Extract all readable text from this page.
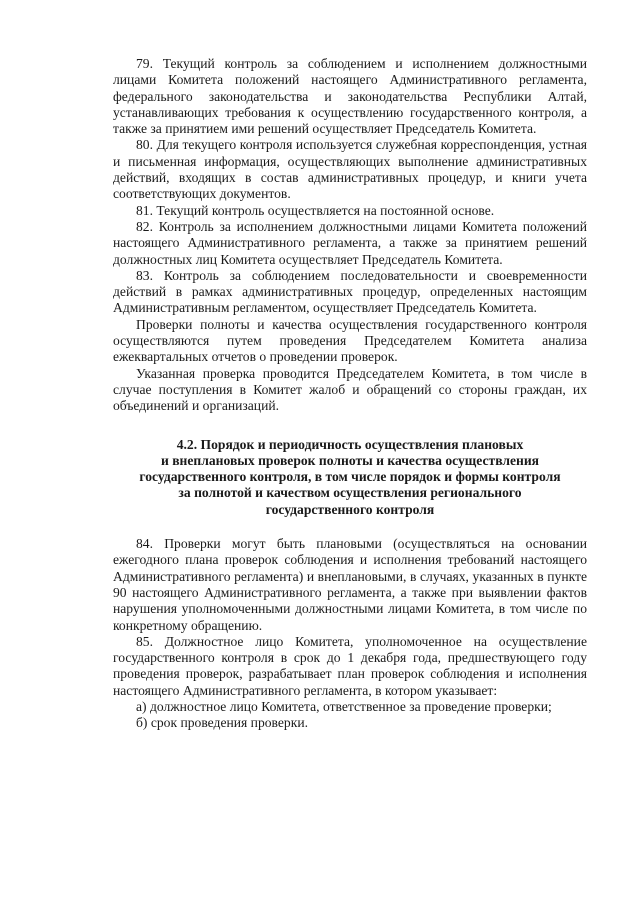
79. Текущий контроль за соблюдением и исполнением должностными лицами Комитета положений настоящего Административного регламента, федерального законодательства и законодательства Республики Алтай, устанавливающих требования к осуществлению государственного контроля, а также за принятием ими решений осуществляет Председатель Комитета.

80. Для текущего контроля используется служебная корреспонденция, устная и письменная информация, осуществляющих выполнение административных действий, входящих в состав административных процедур, и книги учета соответствующих документов.

81. Текущий контроль осуществляется на постоянной основе.

82. Контроль за исполнением должностными лицами Комитета положений настоящего Административного регламента, а также за принятием решений должностных лиц Комитета осуществляет Председатель Комитета.

83. Контроль за соблюдением последовательности и своевременности действий в рамках административных процедур, определенных настоящим Административным регламентом, осуществляет Председатель Комитета.

Проверки полноты и качества осуществления государственного контроля осуществляются путем проведения Председателем Комитета анализа ежеквартальных отчетов о проведении проверок.

Указанная проверка проводится Председателем Комитета, в том числе в случае поступления в Комитет жалоб и обращений со стороны граждан, их объединений и организаций.

4.2. Порядок и периодичность осуществления плановых
и внеплановых проверок полноты и качества осуществления
государственного контроля, в том числе порядок и формы контроля
за полнотой и качеством осуществления регионального
государственного контроля

84. Проверки могут быть плановыми (осуществляться на основании ежегодного плана проверок соблюдения и исполнения требований настоящего Административного регламента) и внеплановыми, в случаях, указанных в пункте 90 настоящего Административного регламента, а также при выявлении фактов нарушения уполномоченными должностными лицами Комитета, в том числе по конкретному обращению.

85. Должностное лицо Комитета, уполномоченное на осуществление государственного контроля в срок до 1 декабря года, предшествующего году проведения проверок, разрабатывает план проверок соблюдения и исполнения настоящего Административного регламента, в котором указывает:

а) должностное лицо Комитета, ответственное за проведение проверки;

б) срок проведения проверки.
